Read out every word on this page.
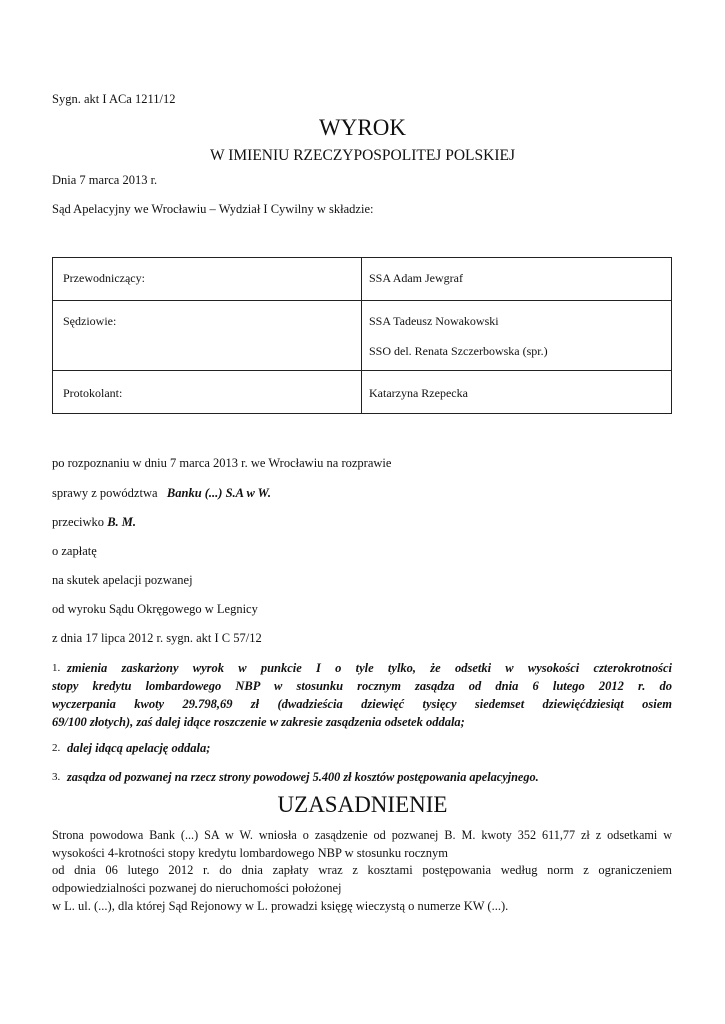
Sygn. akt I ACa 1211/12
WYROK
W IMIENIU RZECZYPOSPOLITEJ POLSKIEJ
Dnia 7 marca 2013 r.
Sąd Apelacyjny we Wrocławiu – Wydział I Cywilny w składzie:
Przewodniczący:	SSA Adam Jewgraf
Sędziowie:	SSA Tadeusz Nowakowski
SSO del. Renata Szczerbowska (spr.)
Protokolant:	Katarzyna Rzepecka
po rozpoznaniu w dniu 7 marca 2013 r. we Wrocławiu na rozprawie
sprawy z powództwa Banku (...) S.A w W.
przeciwko B. M.
o zapłatę
na skutek apelacji pozwanej
od wyroku Sądu Okręgowego w Legnicy
z dnia 17 lipca 2012 r. sygn. akt I C 57/12
1. zmienia zaskarżony wyrok w punkcie I o tyle tylko, że odsetki w wysokości czterokrotności
stopy kredytu lombardowego NBP w stosunku rocznym zasądza od dnia 6 lutego 2012 r. do
wyczerpania kwoty 29.798,69 zł (dwadzieścia dziewięć tysięcy siedemset dziewięćdziesiąt osiem
69/100 złotych), zaś dalej idące roszczenie w zakresie zasądzenia odsetek oddala;
2. dalej idącą apelację oddala;
3. zasądza od pozwanej na rzecz strony powodowej 5.400 zł kosztów postępowania apelacyjnego.
UZASADNIENIE
Strona powodowa Bank (...) SA w W. wniosła o zasądzenie od pozwanej B. M. kwoty 352 611,77 zł z odsetkami w
wysokości 4-krotności stopy kredytu lombardowego NBP w stosunku rocznym
od dnia 06 lutego 2012 r. do dnia zapłaty wraz z kosztami postępowania według norm z ograniczeniem
odpowiedzialności pozwanej do nieruchomości położonej
w L. ul. (...), dla której Sąd Rejonowy w L. prowadzi księgę wieczystą o numerze KW (...).
